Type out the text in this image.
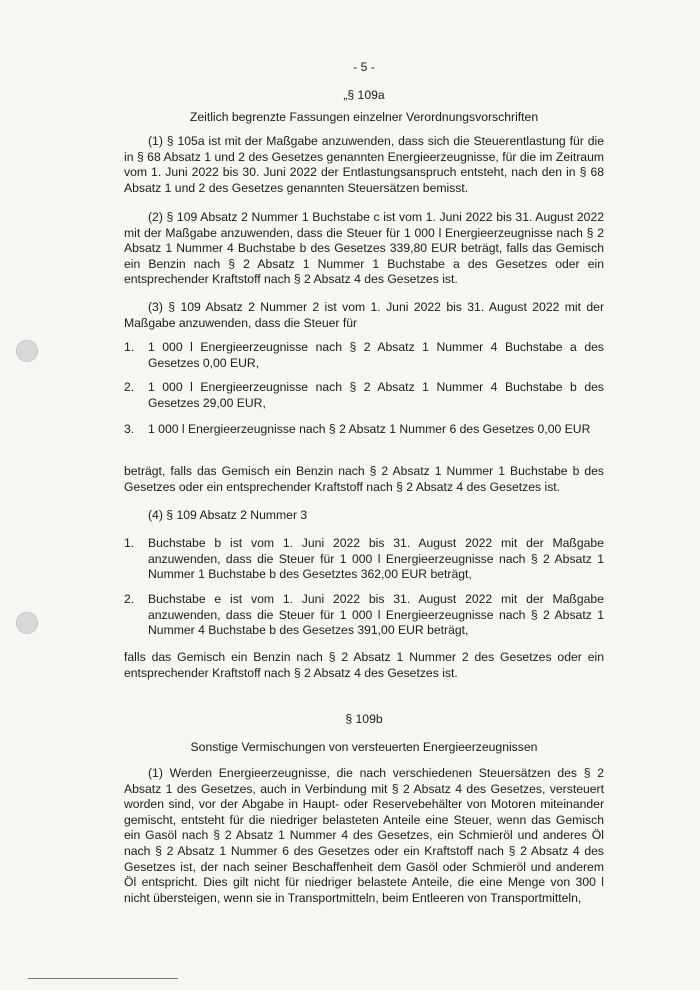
- 5 -
„§ 109a
Zeitlich begrenzte Fassungen einzelner Verordnungsvorschriften
(1) § 105a ist mit der Maßgabe anzuwenden, dass sich die Steuerentlastung für die in § 68 Absatz 1 und 2 des Gesetzes genannten Energieerzeugnisse, für die im Zeitraum vom 1. Juni 2022 bis 30. Juni 2022 der Entlastungsanspruch entsteht, nach den in § 68 Absatz 1 und 2 des Gesetzes genannten Steuersätzen bemisst.
(2) § 109 Absatz 2 Nummer 1 Buchstabe c ist vom 1. Juni 2022 bis 31. August 2022 mit der Maßgabe anzuwenden, dass die Steuer für 1 000 l Energieerzeugnisse nach § 2 Absatz 1 Nummer 4 Buchstabe b des Gesetzes 339,80 EUR beträgt, falls das Gemisch ein Benzin nach § 2 Absatz 1 Nummer 1 Buchstabe a des Gesetzes oder ein entsprechender Kraftstoff nach § 2 Absatz 4 des Gesetzes ist.
(3) § 109 Absatz 2 Nummer 2 ist vom 1. Juni 2022 bis 31. August 2022 mit der Maßgabe anzuwenden, dass die Steuer für
1. 1 000 l Energieerzeugnisse nach § 2 Absatz 1 Nummer 4 Buchstabe a des Gesetzes 0,00 EUR,
2. 1 000 l Energieerzeugnisse nach § 2 Absatz 1 Nummer 4 Buchstabe b des Gesetzes 29,00 EUR,
3. 1 000 l Energieerzeugnisse nach § 2 Absatz 1 Nummer 6 des Gesetzes 0,00 EUR
beträgt, falls das Gemisch ein Benzin nach § 2 Absatz 1 Nummer 1 Buchstabe b des Gesetzes oder ein entsprechender Kraftstoff nach § 2 Absatz 4 des Gesetzes ist.
(4) § 109 Absatz 2 Nummer 3
1. Buchstabe b ist vom 1. Juni 2022 bis 31. August 2022 mit der Maßgabe anzuwenden, dass die Steuer für 1 000 l Energieerzeugnisse nach § 2 Absatz 1 Nummer 1 Buchstabe b des Gesetztes 362,00 EUR beträgt,
2. Buchstabe e ist vom 1. Juni 2022 bis 31. August 2022 mit der Maßgabe anzuwenden, dass die Steuer für 1 000 l Energieerzeugnisse nach § 2 Absatz 1 Nummer 4 Buchstabe b des Gesetzes 391,00 EUR beträgt,
falls das Gemisch ein Benzin nach § 2 Absatz 1 Nummer 2 des Gesetzes oder ein entsprechender Kraftstoff nach § 2 Absatz 4 des Gesetzes ist.
§ 109b
Sonstige Vermischungen von versteuerten Energieerzeugnissen
(1) Werden Energieerzeugnisse, die nach verschiedenen Steuersätzen des § 2 Absatz 1 des Gesetzes, auch in Verbindung mit § 2 Absatz 4 des Gesetzes, versteuert worden sind, vor der Abgabe in Haupt- oder Reservebehälter von Motoren miteinander gemischt, entsteht für die niedriger belasteten Anteile eine Steuer, wenn das Gemisch ein Gasöl nach § 2 Absatz 1 Nummer 4 des Gesetzes, ein Schmieröl und anderes Öl nach § 2 Absatz 1 Nummer 6 des Gesetzes oder ein Kraftstoff nach § 2 Absatz 4 des Gesetzes ist, der nach seiner Beschaffenheit dem Gasöl oder Schmieröl und anderem Öl entspricht. Dies gilt nicht für niedriger belastete Anteile, die eine Menge von 300 l nicht übersteigen, wenn sie in Transportmitteln, beim Entleeren von Transportmitteln,
